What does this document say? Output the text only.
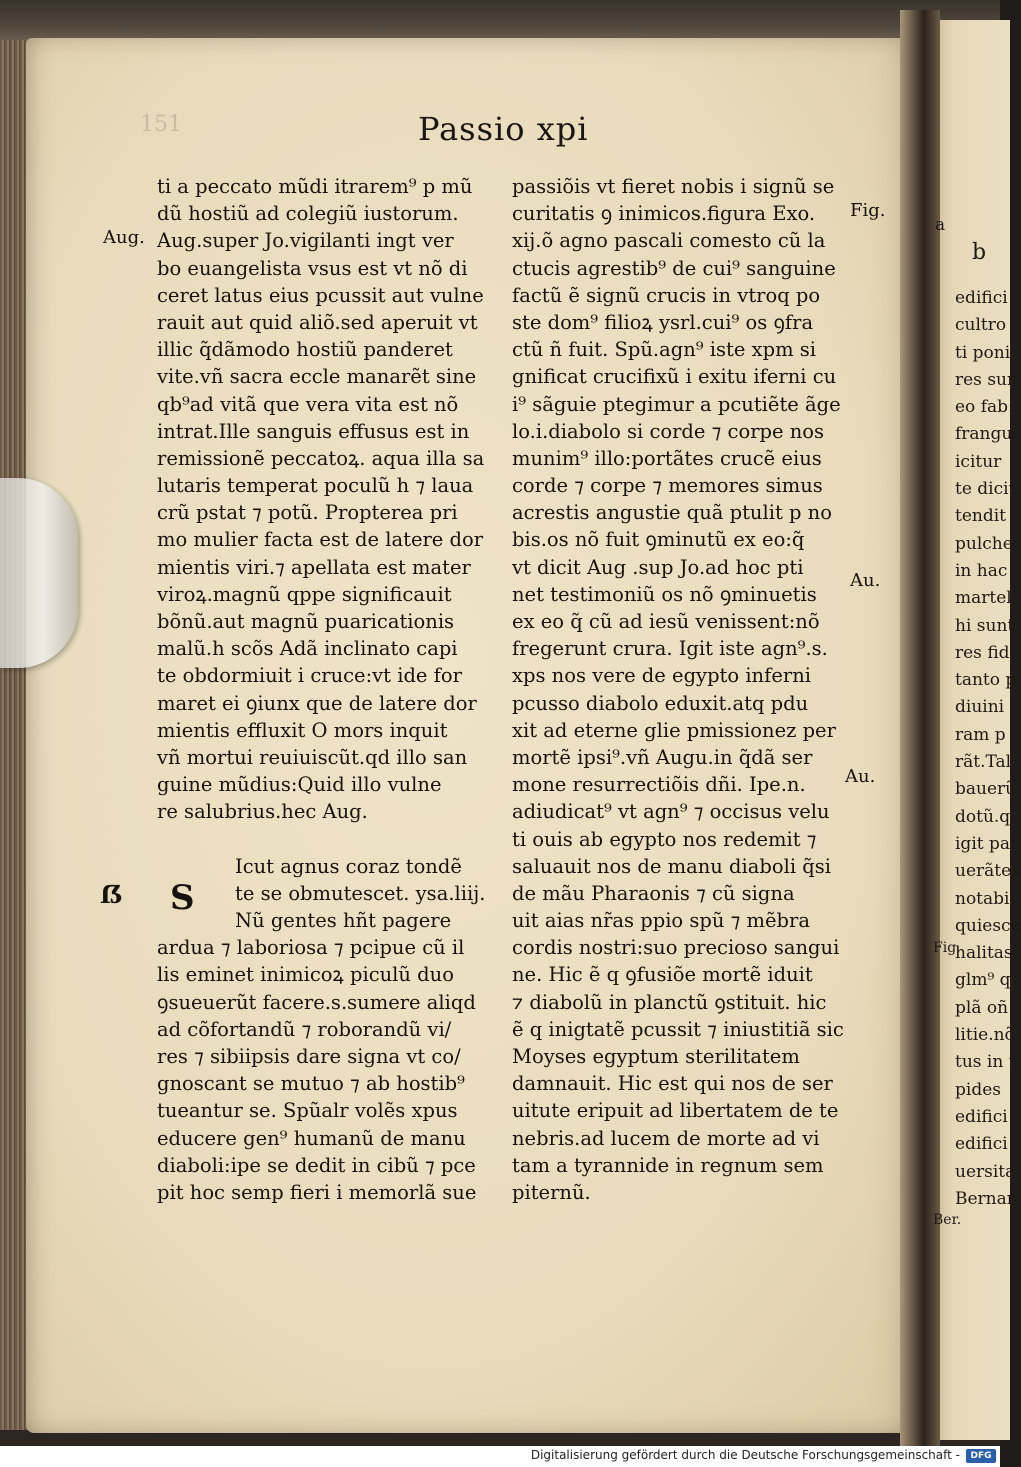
151	Passio xpi
Aug.
Fig.
Au.
Au.
ẞ S
ti a peccato mũdi itrarem⁹ p mũ
dũ hostiũ ad colegiũ iustorum.
Aug.super Jo.vigilanti ingt ver
bo euangelista vsus est vt nõ di
ceret latus eius pcussit aut vulne
rauit aut quid aliõ.sed aperuit vt
illic q̃dãmodo hostiũ panderet
vite.vñ sacra eccle manarẽt sine
qb⁹ad vitã que vera vita est nõ
intrat.Ille sanguis effusus est in
remissionẽ peccatoꝝ. aqua illa sa
lutaris temperat poculũ h ⁊ laua
crũ pstat ⁊ potũ. Propterea pri
mo mulier facta est de latere dor
mientis viri.⁊ apellata est mater
viroꝝ.magnũ qppe significauit
bõnũ.aut magnũ puaricationis
malũ.h scõs Adã inclinato capi
te obdormiuit i cruce:vt ide for
maret ei ꝯiunx que de latere dor
mientis effluxit O mors inquit
vñ mortui reuiuiscũt.qd illo san
guine mũdius:Quid illo vulne
re salubrius.hec Aug.
Icut agnus coraz tondẽ
te se obmutescet. ysa.liij.
Nũ gentes hñt pagere
ardua ⁊ laboriosa ⁊ pcipue cũ il
lis eminet inimicoꝝ piculũ duo
ꝯsueuerũt facere.s.sumere aliqd
ad cõfortandũ ⁊ roborandũ vi/
res ⁊ sibiipsis dare signa vt co/
gnoscant se mutuo ⁊ ab hostib⁹
tueantur se. Spũalr volẽs xpus
educere gen⁹ humanũ de manu
diaboli:ipe se dedit in cibũ ⁊ pce
pit hoc semp fieri i memorlã sue
passiõis vt fieret nobis i signũ se
curitatis ꝯ inimicos.figura Exo.
xij.õ agno pascali comesto cũ la
ctucis agrestib⁹ de cui⁹ sanguine
factũ ẽ signũ crucis in vtroq po
ste dom⁹ filioꝝ ysrl.cui⁹ os ꝯfra
ctũ ñ fuit. Spũ.agn⁹ iste xpm si
gnificat crucifixũ i exitu iferni cu
i⁹ sãguie ptegimur a pcutiẽte ãge
lo.i.diabolo si corde ⁊ corpe nos
munim⁹ illo:portãtes crucẽ eius
corde ⁊ corpe ⁊ memores simus
acrestis angustie quã ptulit p no
bis.os nõ fuit ꝯminutũ ex eo:q̃
vt dicit Aug .sup Jo.ad hoc pti
net testimoniũ os nõ ꝯminuetis
ex eo q̃ cũ ad iesũ venissent:nõ
fregerunt crura. Igit iste agn⁹.s.
xps nos vere de egypto inferni
pcusso diabolo eduxit.atq pdu
xit ad eterne glie pmissionez per
mortẽ ipsi⁹.vñ Augu.in q̃dã ser
mone resurrectiõis dñi. Ipe.n.
adiudicat⁹ vt agn⁹ ⁊ occisus velu
ti ouis ab egypto nos redemit ⁊
saluauit nos de manu diaboli q̃si
de mãu Pharaonis ⁊ cũ signa
uit aias nr̃as ppio spũ ⁊ mẽbra
cordis nostri:suo precioso sangui
ne. Hic ẽ q ꝯfusiõe mortẽ iduit
⁊ diabolũ in planctũ ꝯstituit. hic
ẽ q inigtatẽ pcussit ⁊ iniustitiã sic
Moyses egyptum sterilitatem
damnauit. Hic est qui nos de ser
uitute eripuit ad libertatem de te
nebris.ad lucem de morte ad vi
tam a tyrannide in regnum sem
piternũ.
a
b
edifici
cultro
ti poni
res sur
eo fab:
frangu
icitur
te dicit
tendit
pulche
in hac
martel
hi sunt
res fide
tanto p
diuini
ram p
rãt.Tal
bauerũ
dotũ.q
igit pat
uerãtes
notabil
quiesce
halitas
glm⁹ q
plã oñ
litie.nõ
tus in t
pides
edifici
edifici
uersita
Bernar
Fig.
Ber.
Digitalisierung gefördert durch die Deutsche Forschungsgemeinschaft -	DFG
